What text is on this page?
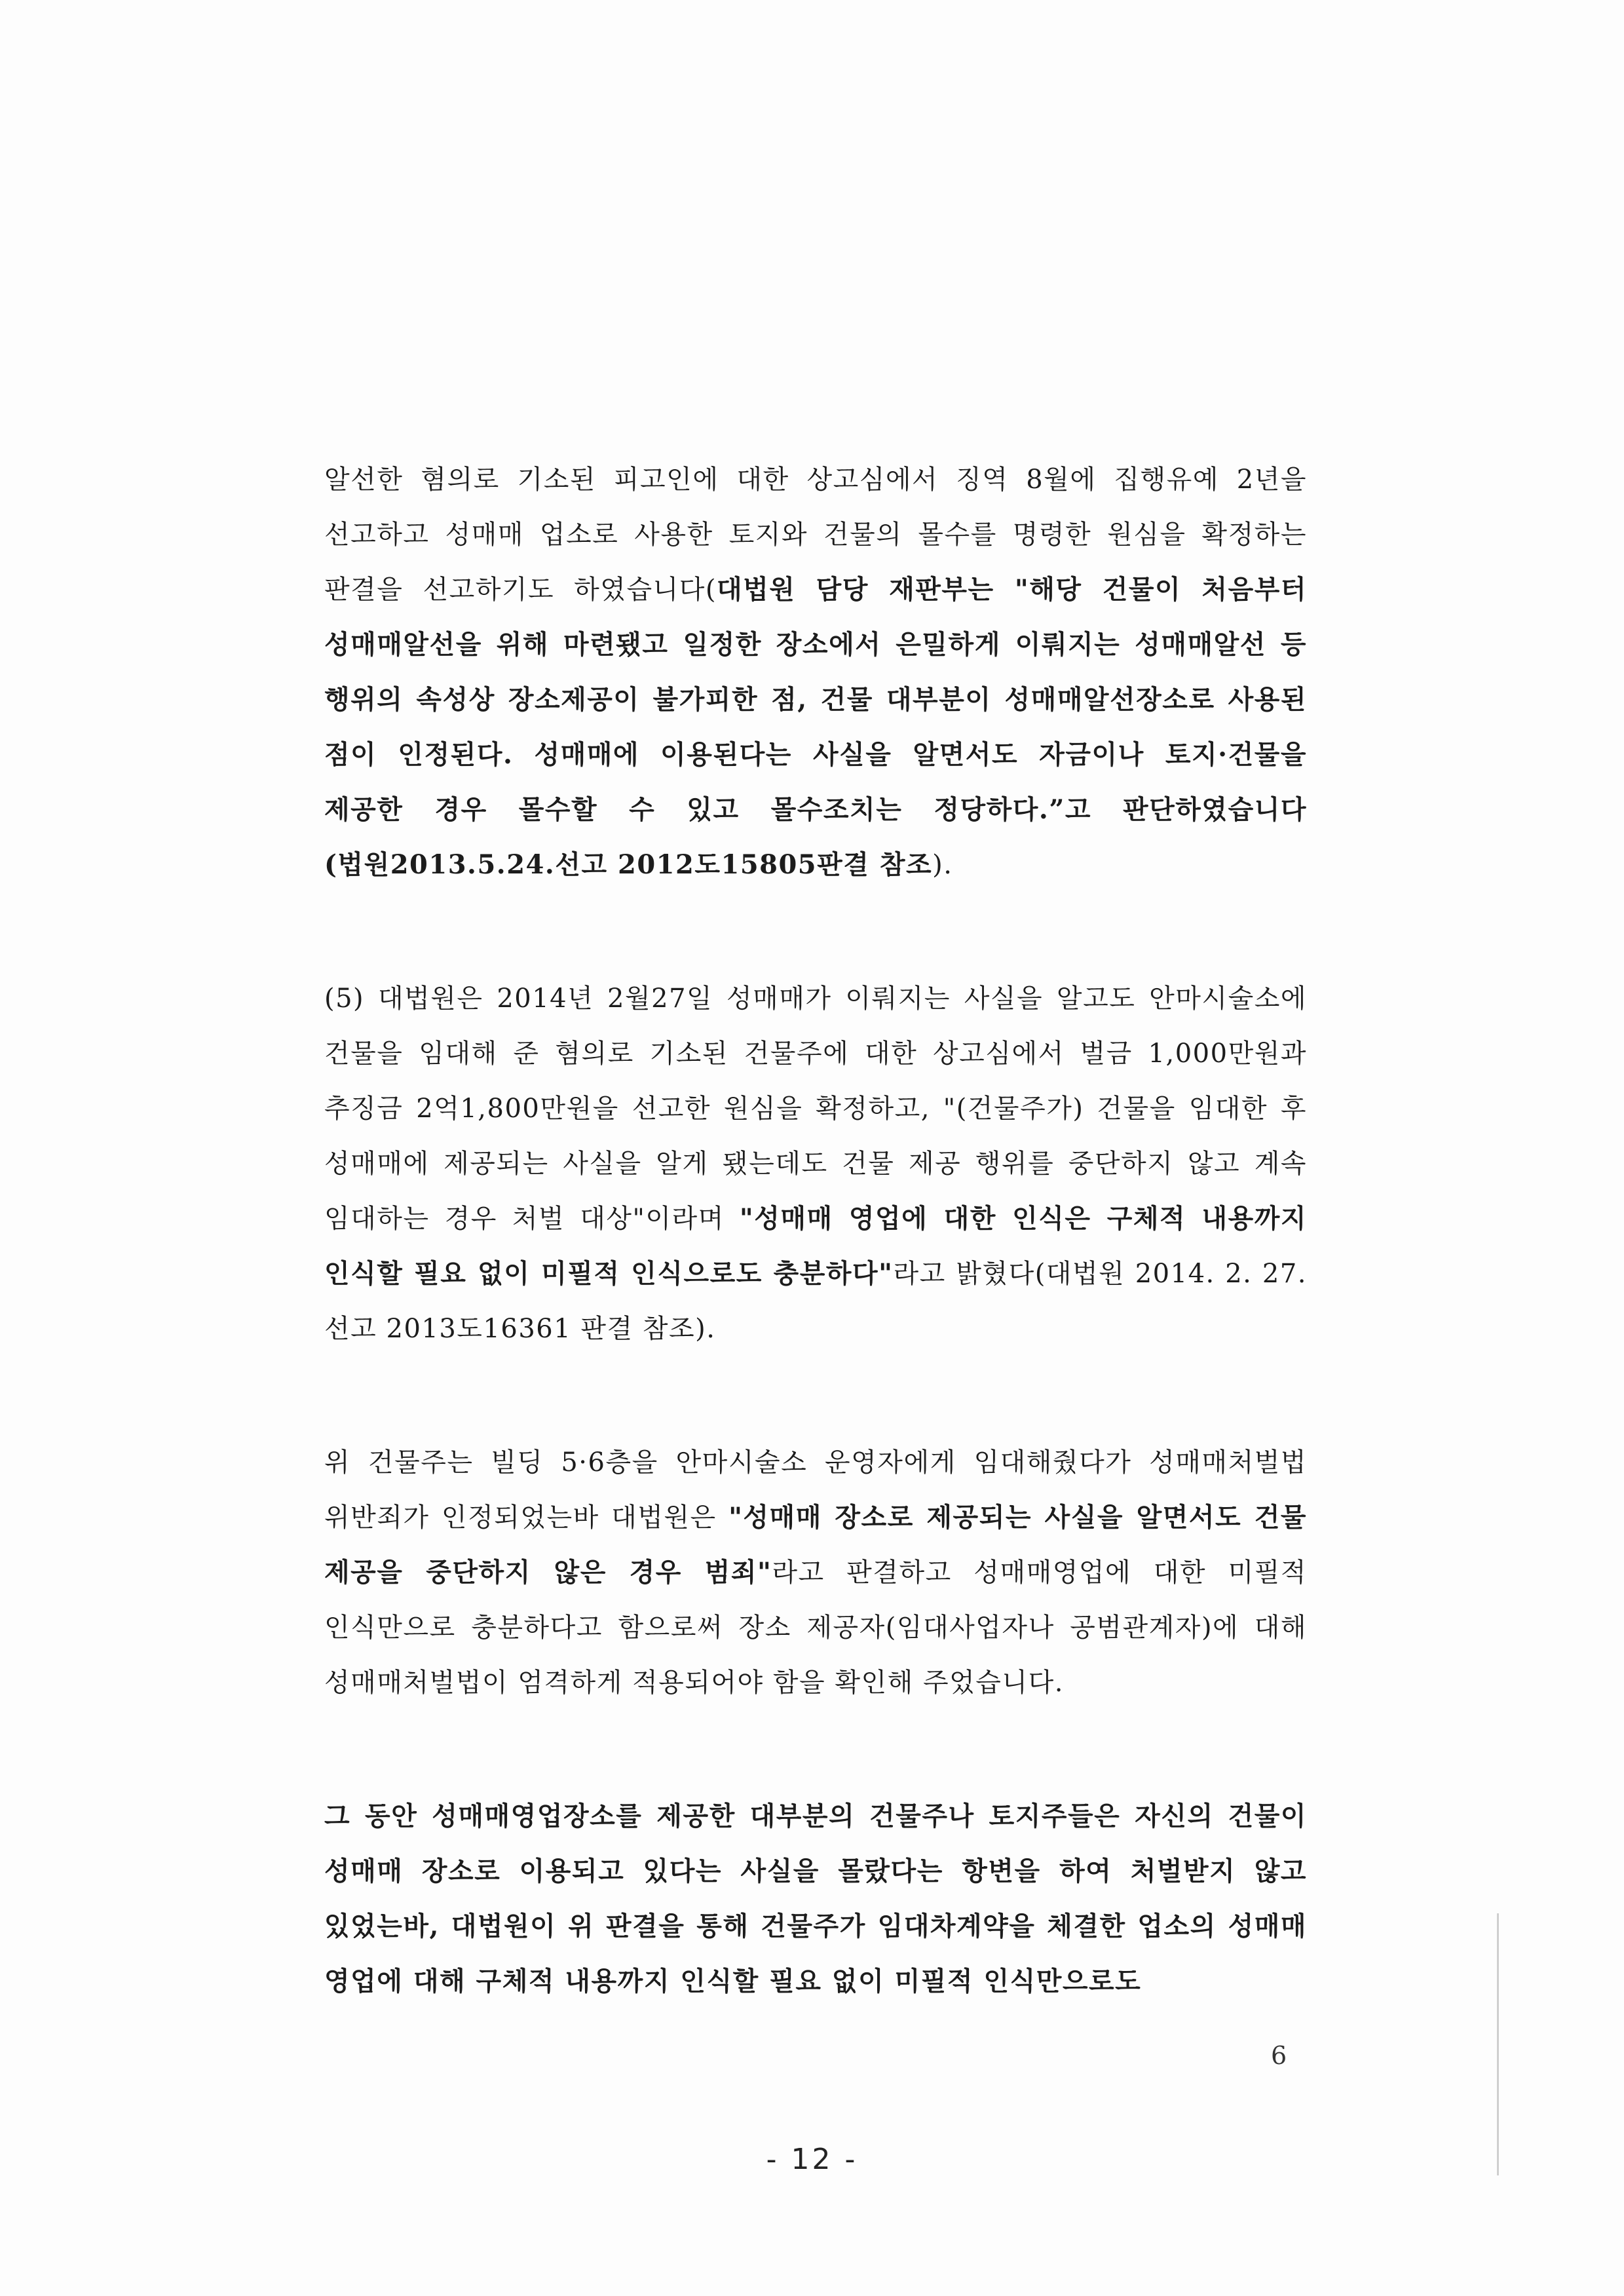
알선한 혐의로 기소된 피고인에 대한 상고심에서 징역 8월에 집행유예 2년을 선고하고 성매매 업소로 사용한 토지와 건물의 몰수를 명령한 원심을 확정하는 판결을 선고하기도 하였습니다(대법원 담당 재판부는 "해당 건물이 처음부터 성매매알선을 위해 마련됐고 일정한 장소에서 은밀하게 이뤄지는 성매매알선 등 행위의 속성상 장소제공이 불가피한 점, 건물 대부분이 성매매알선장소로 사용된 점이 인정된다. 성매매에 이용된다는 사실을 알면서도 자금이나 토지·건물을 제공한 경우 몰수할 수 있고 몰수조치는 정당하다.”고 판단하였습니다(법원2013.5.24.선고 2012도15805판결 참조).

(5) 대법원은 2014년 2월27일 성매매가 이뤄지는 사실을 알고도 안마시술소에 건물을 임대해 준 혐의로 기소된 건물주에 대한 상고심에서 벌금 1,000만원과 추징금 2억1,800만원을 선고한 원심을 확정하고, "(건물주가) 건물을 임대한 후 성매매에 제공되는 사실을 알게 됐는데도 건물 제공 행위를 중단하지 않고 계속 임대하는 경우 처벌 대상"이라며 "성매매 영업에 대한 인식은 구체적 내용까지 인식할 필요 없이 미필적 인식으로도 충분하다"라고 밝혔다(대법원 2014. 2. 27. 선고 2013도16361 판결 참조).

위 건물주는 빌딩 5·6층을 안마시술소 운영자에게 임대해줬다가 성매매처벌법 위반죄가 인정되었는바 대법원은 "성매매 장소로 제공되는 사실을 알면서도 건물 제공을 중단하지 않은 경우 범죄"라고 판결하고 성매매영업에 대한 미필적 인식만으로 충분하다고 함으로써 장소 제공자(임대사업자나 공범관계자)에 대해 성매매처벌법이 엄격하게 적용되어야 함을 확인해 주었습니다.

그 동안 성매매영업장소를 제공한 대부분의 건물주나 토지주들은 자신의 건물이 성매매 장소로 이용되고 있다는 사실을 몰랐다는 항변을 하여 처벌받지 않고 있었는바, 대법원이 위 판결을 통해 건물주가 임대차계약을 체결한 업소의 성매매 영업에 대해 구체적 내용까지 인식할 필요 없이 미필적 인식만으로도

6
- 12 -
